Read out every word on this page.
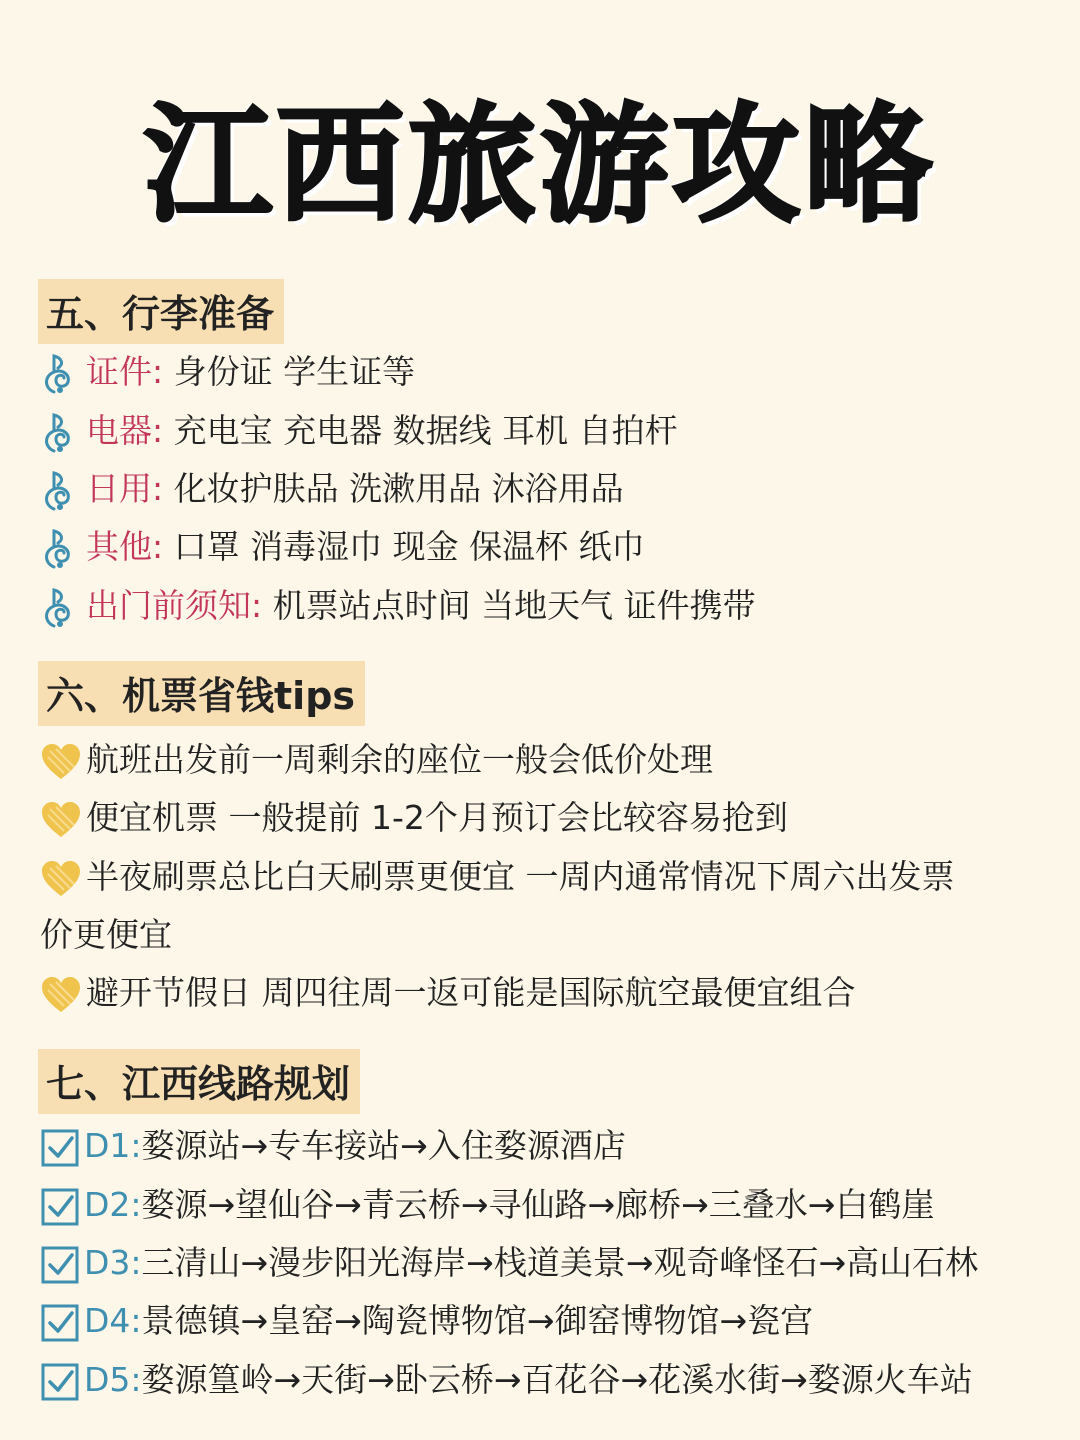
江西旅游攻略
五、行李准备
证件: 身份证 学生证等
电器: 充电宝 充电器 数据线 耳机 自拍杆
日用: 化妆护肤品 洗漱用品 沐浴用品
其他: 口罩 消毒湿巾 现金 保温杯 纸巾
出门前须知: 机票站点时间 当地天气 证件携带
六、机票省钱tips
航班出发前一周剩余的座位一般会低价处理
便宜机票 一般提前 1-2个月预订会比较容易抢到
半夜刷票总比白天刷票更便宜 一周内通常情况下周六出发票
价更便宜
避开节假日 周四往周一返可能是国际航空最便宜组合
七、江西线路规划
D1:婺源站→专车接站→入住婺源酒店
D2:婺源→望仙谷→青云桥→寻仙路→廊桥→三叠水→白鹤崖
D3:三清山→漫步阳光海岸→栈道美景→观奇峰怪石→高山石林
D4:景德镇→皇窑→陶瓷博物馆→御窑博物馆→瓷宫
D5:婺源篁岭→天街→卧云桥→百花谷→花溪水街→婺源火车站
